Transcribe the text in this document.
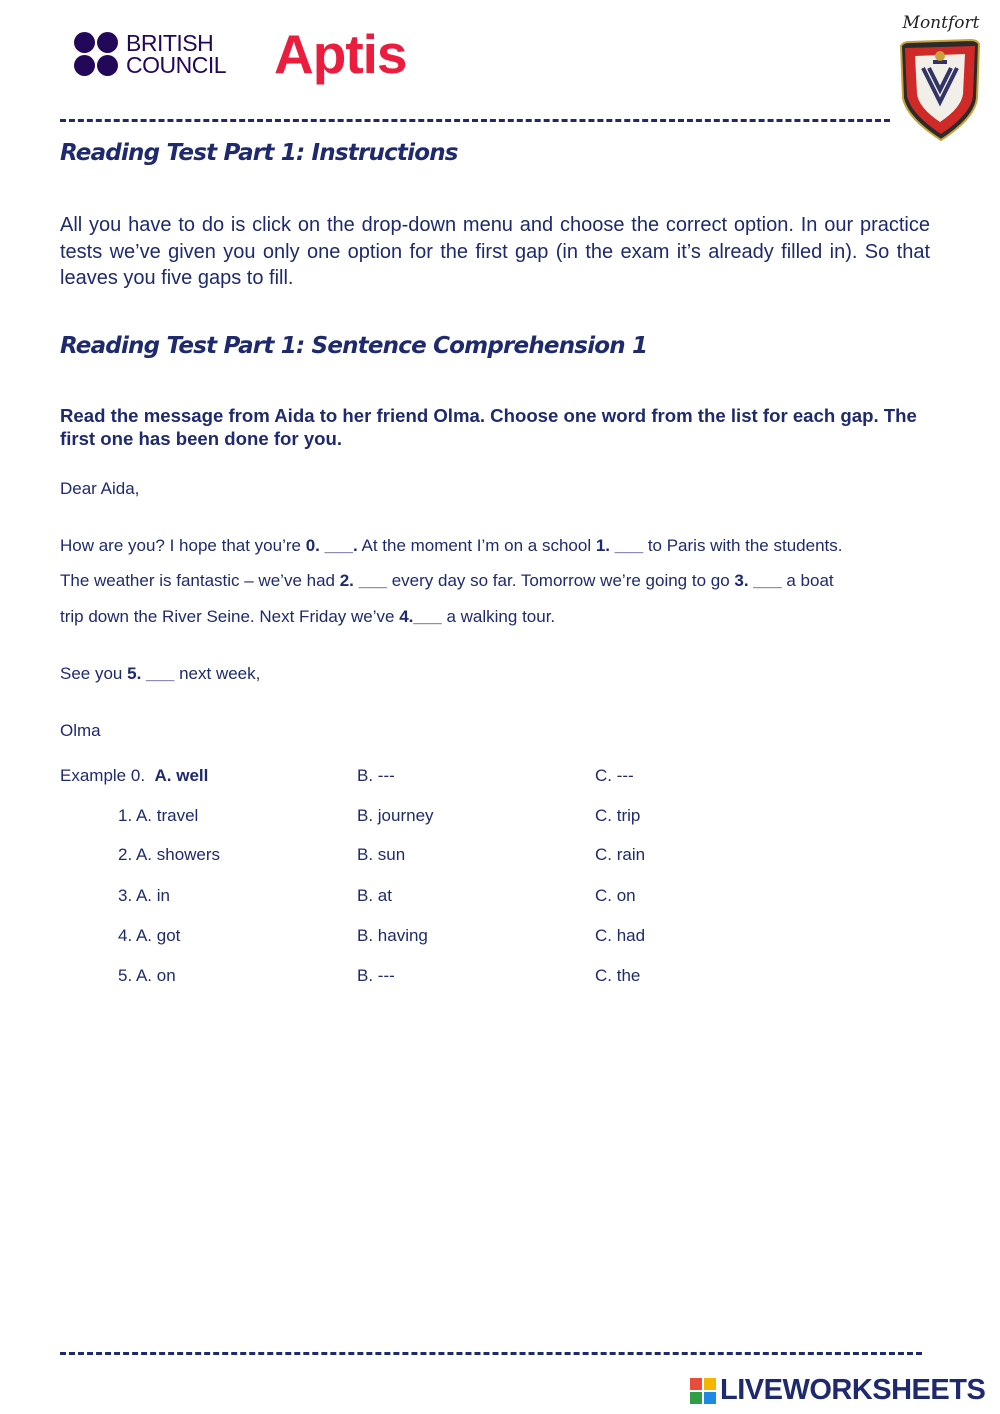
BRITISH
COUNCIL Aptis	Montfort
Reading Test Part 1: Instructions
All you have to do is click on the drop-down menu and choose the correct option. In our practice tests we’ve given you only one option for the first gap (in the exam it’s already filled in). So that leaves you five gaps to fill.
Reading Test Part 1: Sentence Comprehension 1
Read the message from Aida to her friend Olma. Choose one word from the list for each gap. The first one has been done for you.
Dear Aida,
How are you? I hope that you’re 0. ___. At the moment I’m on a school 1. ___ to Paris with the students.
The weather is fantastic – we’ve had 2. ___ every day so far. Tomorrow we’re going to go 3. ___ a boat
trip down the River Seine. Next Friday we’ve 4.___ a walking tour.
See you 5. ___ next week,
Olma
Example 0. A. well	B. ---	C. ---
1. A. travel	B. journey	C. trip
2. A. showers	B. sun	C. rain
3. A. in	B. at	C. on
4. A. got	B. having	C. had
5. A. on	B. ---	C. the
LIVEWORKSHEETS
